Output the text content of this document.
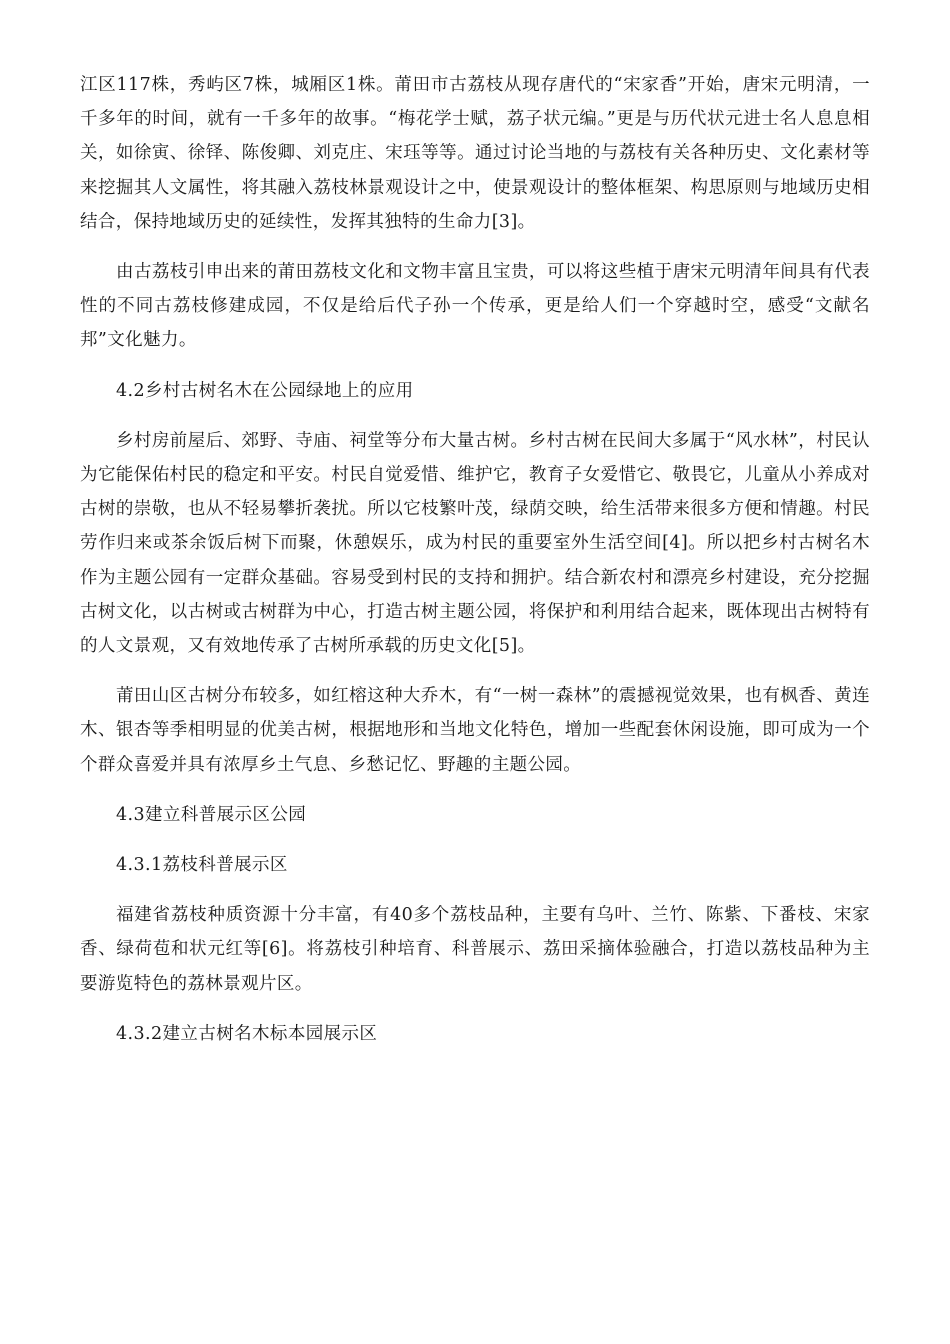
江区117株，秀屿区7株，城厢区1株。莆田市古荔枝从现存唐代的“宋家香”开始，唐宋元明清，一千多年的时间，就有一千多年的故事。“梅花学士赋，荔子状元编。”更是与历代状元进士名人息息相关，如徐寅、徐铎、陈俊卿、刘克庄、宋珏等等。通过讨论当地的与荔枝有关各种历史、文化素材等来挖掘其人文属性，将其融入荔枝林景观设计之中，使景观设计的整体框架、构思原则与地域历史相结合，保持地域历史的延续性，发挥其独特的生命力[3]。

由古荔枝引申出来的莆田荔枝文化和文物丰富且宝贵，可以将这些植于唐宋元明清年间具有代表性的不同古荔枝修建成园，不仅是给后代子孙一个传承，更是给人们一个穿越时空，感受“文献名邦”文化魅力。

4.2乡村古树名木在公园绿地上的应用

乡村房前屋后、郊野、寺庙、祠堂等分布大量古树。乡村古树在民间大多属于“风水林”，村民认为它能保佑村民的稳定和平安。村民自觉爱惜、维护它，教育子女爱惜它、敬畏它，儿童从小养成对古树的崇敬，也从不轻易攀折袭扰。所以它枝繁叶茂，绿荫交映，给生活带来很多方便和情趣。村民劳作归来或茶余饭后树下而聚，休憩娱乐，成为村民的重要室外生活空间[4]。所以把乡村古树名木作为主题公园有一定群众基础。容易受到村民的支持和拥护。结合新农村和漂亮乡村建设，充分挖掘古树文化，以古树或古树群为中心，打造古树主题公园，将保护和利用结合起来，既体现出古树特有的人文景观，又有效地传承了古树所承载的历史文化[5]。

莆田山区古树分布较多，如红榕这种大乔木，有“一树一森林”的震撼视觉效果，也有枫香、黄连木、银杏等季相明显的优美古树，根据地形和当地文化特色，增加一些配套休闲设施，即可成为一个个群众喜爱并具有浓厚乡土气息、乡愁记忆、野趣的主题公园。

4.3建立科普展示区公园

4.3.1荔枝科普展示区

福建省荔枝种质资源十分丰富，有40多个荔枝品种，主要有乌叶、兰竹、陈紫、下番枝、宋家香、绿荷苞和状元红等[6]。将荔枝引种培育、科普展示、荔田采摘体验融合，打造以荔枝品种为主要游览特色的荔林景观片区。

4.3.2建立古树名木标本园展示区
